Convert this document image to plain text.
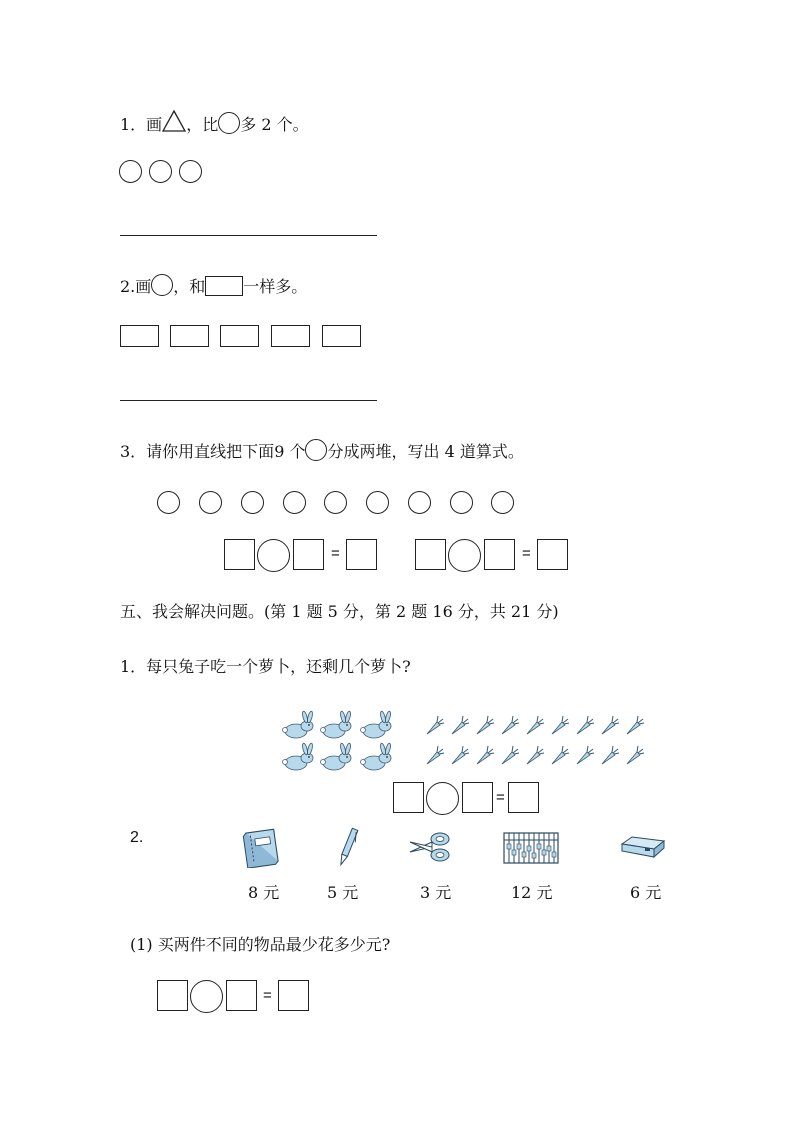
1．画 ，比 多 2 个。

2.画 ，和 一样多。
3．请你用直线把下面9 个 分成两堆，写出 4 道算式。
=	=
五、我会解决问题。(第 1 题 5 分，第 2 题 16 分，共 21 分)
1．每只兔子吃一个萝卜，还剩几个萝卜?
=
2.
8 元	5 元	3 元	12 元	6 元
(1) 买两件不同的物品最少花多少元?
=
